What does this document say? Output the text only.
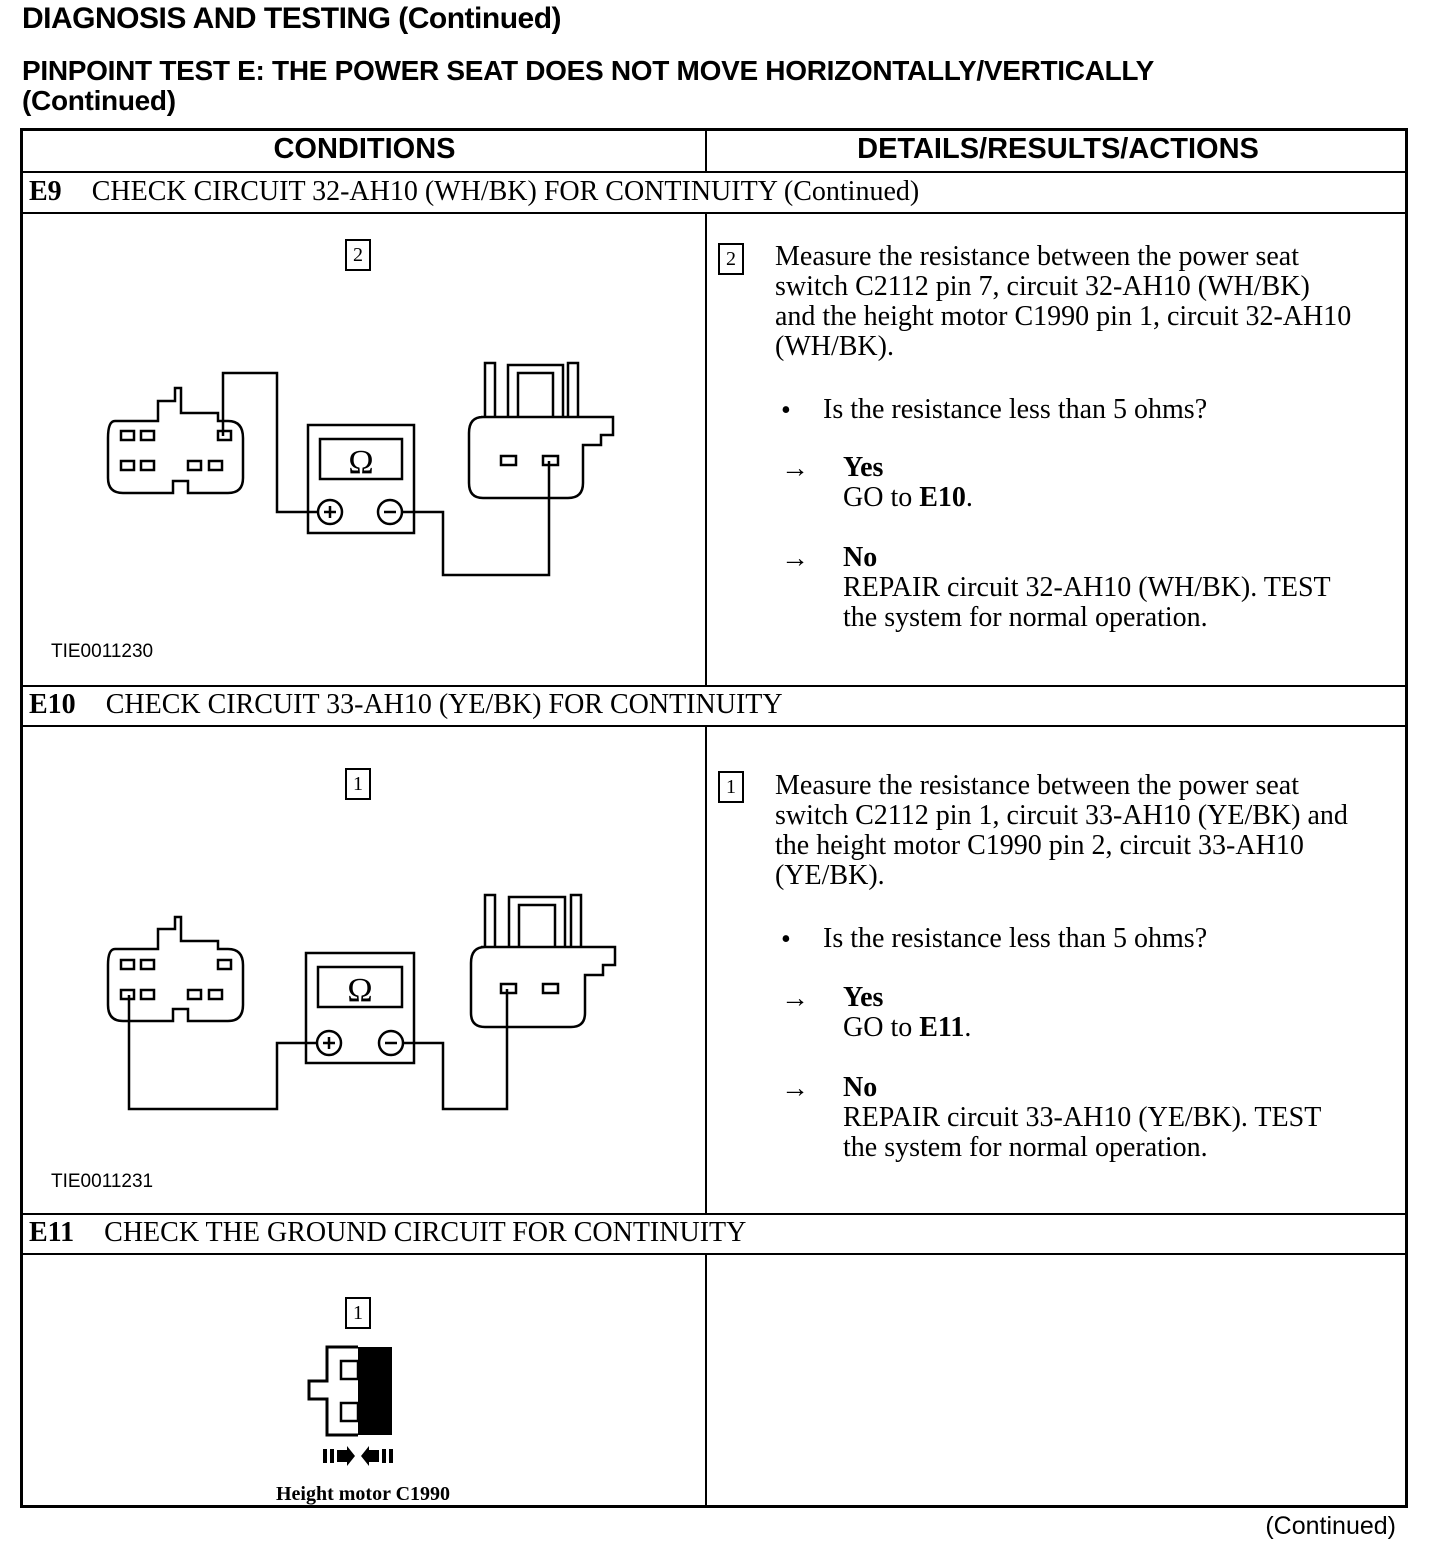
DIAGNOSIS AND TESTING (Continued)
PINPOINT TEST E: THE POWER SEAT DOES NOT MOVE HORIZONTALLY/VERTICALLY
(Continued)
CONDITIONS	DETAILS/RESULTS/ACTIONS
E9 CHECK CIRCUIT 32-AH10 (WH/BK) FOR CONTINUITY (Continued)
2
Ω
TIE0011230
2 Measure the resistance between the power seat
switch C2112 pin 7, circuit 32-AH10 (WH/BK)
and the height motor C1990 pin 1, circuit 32-AH10
(WH/BK).
• Is the resistance less than 5 ohms?
→ Yes
GO to E10.
→ No
REPAIR circuit 32-AH10 (WH/BK). TEST
the system for normal operation.
E10 CHECK CIRCUIT 33-AH10 (YE/BK) FOR CONTINUITY
1
Ω
TIE0011231
1 Measure the resistance between the power seat
switch C2112 pin 1, circuit 33-AH10 (YE/BK) and
the height motor C1990 pin 2, circuit 33-AH10
(YE/BK).
• Is the resistance less than 5 ohms?
→ Yes
GO to E11.
→ No
REPAIR circuit 33-AH10 (YE/BK). TEST
the system for normal operation.
E11 CHECK THE GROUND CIRCUIT FOR CONTINUITY
1
Height motor C1990
(Continued)
